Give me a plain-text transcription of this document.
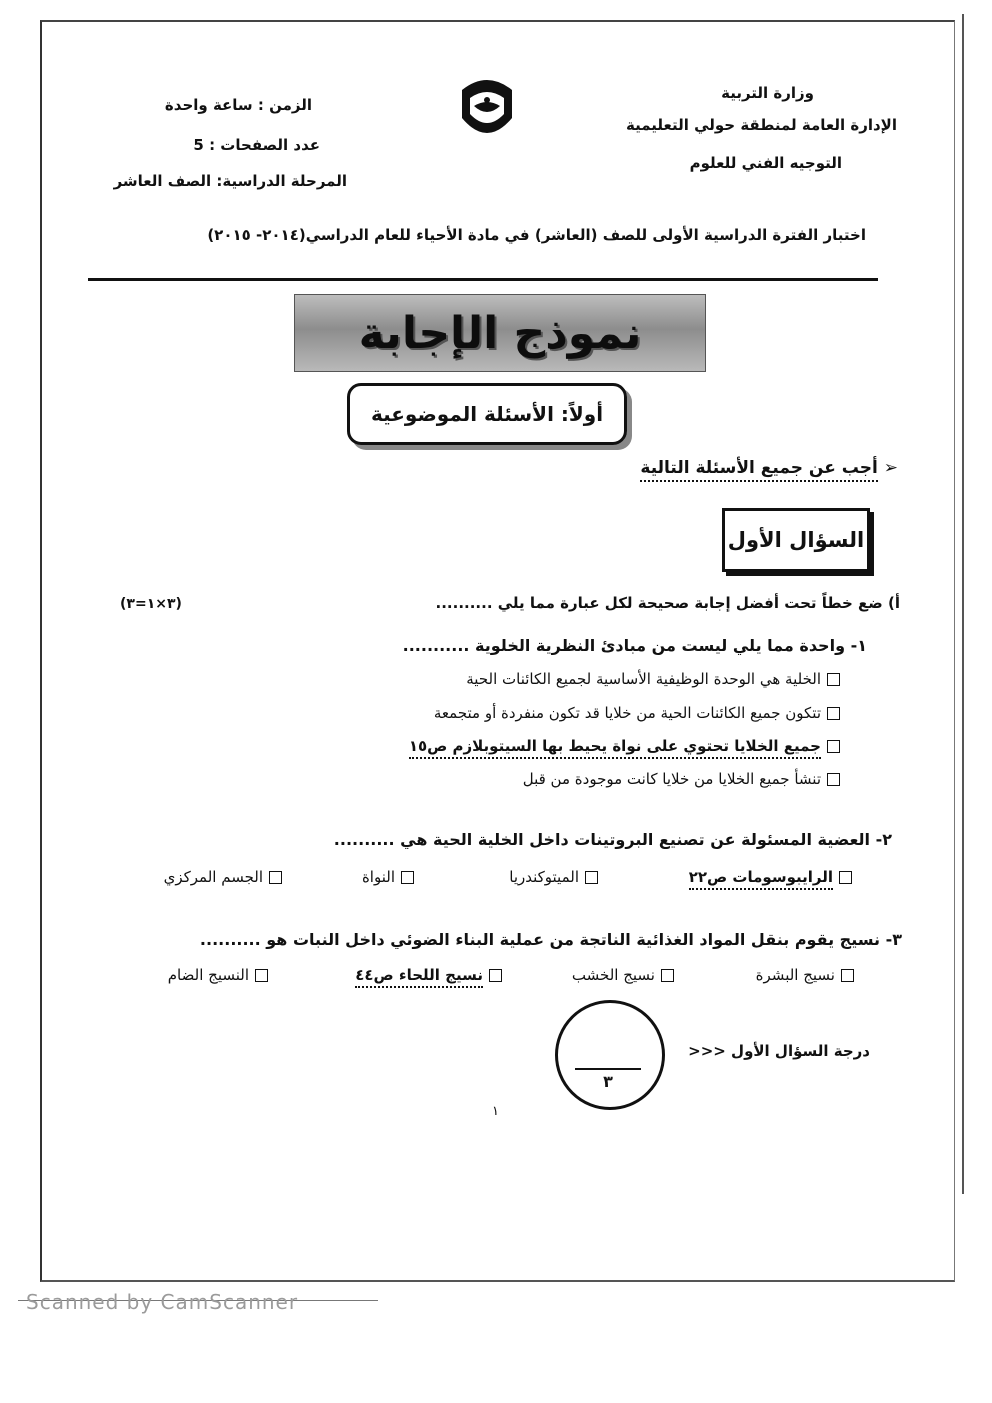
وزارة التربية
الإدارة العامة لمنطقة حولي التعليمية
التوجيه الفني للعلوم
الزمن : ساعة واحدة
عدد الصفحات : 5
المرحلة الدراسية: الصف العاشر
اختبار الفترة الدراسية الأولى للصف (العاشر) في مادة الأحياء للعام الدراسي(٢٠١٤- ٢٠١٥)
نموذج الإجابة
أولاً: الأسئلة الموضوعية
➢ أجب عن جميع الأسئلة التالية
السؤال الأول
أ) ضع خطاً تحت أفضل إجابة صحيحة لكل عبارة مما يلي ..........
(٣×١=٣)
١- واحدة مما يلي ليست من مبادئ النظرية الخلوية ...........
الخلية هي الوحدة الوظيفية الأساسية لجميع الكائنات الحية
تتكون جميع الكائنات الحية من خلايا قد تكون منفردة أو متجمعة
جميع الخلايا تحتوي على نواة يحيط بها السيتوبلازم ص١٥
تنشأ جميع الخلايا من خلايا كانت موجودة من قبل
٢- العضية المسئولة عن تصنيع البروتينات داخل الخلية الحية هي ..........
الرايبوسومات ص٢٢
الميتوكندريا
النواة
الجسم المركزي
٣- نسيج يقوم بنقل المواد الغذائية الناتجة من عملية البناء الضوئي داخل النبات هو ..........
نسيج البشرة
نسيج الخشب
نسيج اللحاء ص٤٤
النسيج الضام
درجة السؤال الأول <<<
٣
١
Scanned by CamScanner
